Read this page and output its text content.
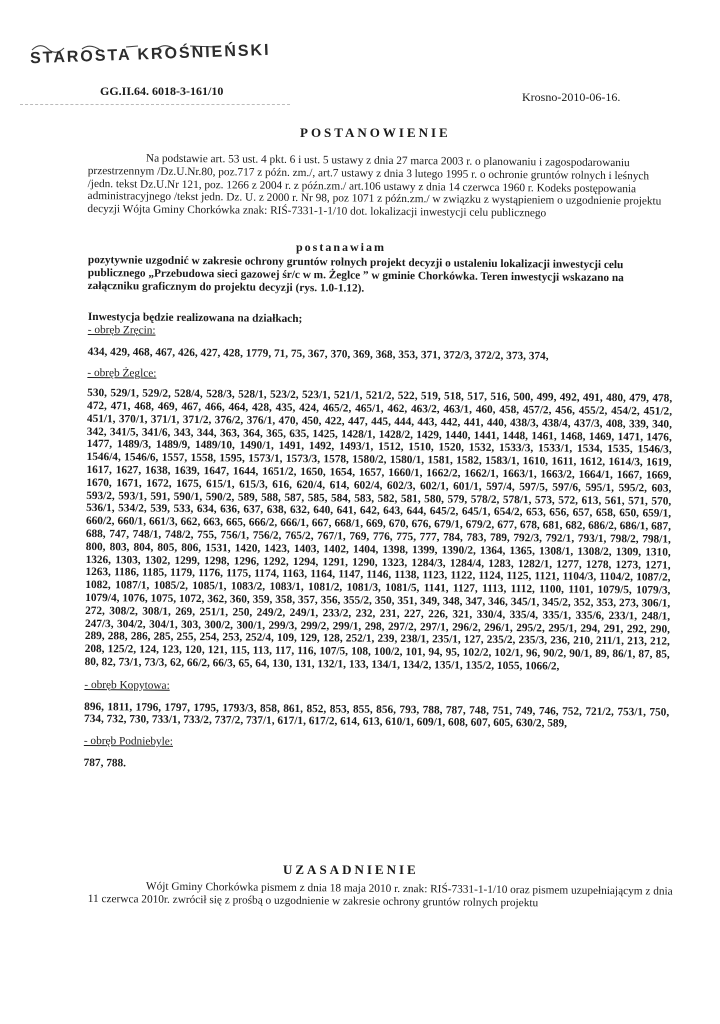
STAROSTA KROŚNIEŃSKI
GG.II.64. 6018-3-161/10	Krosno-2010-06-16.
POSTANOWIENIE
Na podstawie art. 53 ust. 4 pkt. 6 i ust. 5 ustawy z dnia 27 marca 2003 r. o planowaniu i zagospodarowaniu przestrzennym /Dz.U.Nr.80, poz.717 z późn. zm./, art.7 ustawy z dnia 3 lutego 1995 r. o ochronie gruntów rolnych i leśnych /jedn. tekst Dz.U.Nr 121, poz. 1266 z 2004 r. z późn.zm./ art.106 ustawy z dnia 14 czerwca 1960 r. Kodeks postępowania administracyjnego /tekst jedn. Dz. U. z 2000 r. Nr 98, poz 1071 z późn.zm./ w związku z wystąpieniem o uzgodnienie projektu decyzji Wójta Gminy Chorkówka znak: RIŚ-7331-1-1/10 dot. lokalizacji inwestycji celu publicznego
postanawiam
pozytywnie uzgodnić w zakresie ochrony gruntów rolnych projekt decyzji o ustaleniu lokalizacji inwestycji celu publicznego „Przebudowa sieci gazowej śr/c w m. Żeglce ” w gminie Chorkówka. Teren inwestycji wskazano na załączniku graficznym do projektu decyzji (rys. 1.0-1.12).
Inwestycja będzie realizowana na działkach;
- obręb Zręcin:
434, 429, 468, 467, 426, 427, 428, 1779, 71, 75, 367, 370, 369, 368, 353, 371, 372/3, 372/2, 373, 374,
- obręb Żeglce:
530, 529/1, 529/2, 528/4, 528/3, 528/1, 523/2, 523/1, 521/1, 521/2, 522, 519, 518, 517, 516, 500, 499, 492, 491, 480, 479, 478, 472, 471, 468, 469, 467, 466, 464, 428, 435, 424, 465/2, 465/1, 462, 463/2, 463/1, 460, 458, 457/2, 456, 455/2, 454/2, 451/2, 451/1, 370/1, 371/1, 371/2, 376/2, 376/1, 470, 450, 422, 447, 445, 444, 443, 442, 441, 440, 438/3, 438/4, 437/3, 408, 339, 340, 342, 341/5, 341/6, 343, 344, 363, 364, 365, 635, 1425, 1428/1, 1428/2, 1429, 1440, 1441, 1448, 1461, 1468, 1469, 1471, 1476, 1477, 1489/3, 1489/9, 1489/10, 1490/1, 1491, 1492, 1493/1, 1512, 1510, 1520, 1532, 1533/3, 1533/1, 1534, 1535, 1546/3, 1546/4, 1546/6, 1557, 1558, 1595, 1573/1, 1573/3, 1578, 1580/2, 1580/1, 1581, 1582, 1583/1, 1610, 1611, 1612, 1614/3, 1619, 1617, 1627, 1638, 1639, 1647, 1644, 1651/2, 1650, 1654, 1657, 1660/1, 1662/2, 1662/1, 1663/1, 1663/2, 1664/1, 1667, 1669, 1670, 1671, 1672, 1675, 615/1, 615/3, 616, 620/4, 614, 602/4, 602/3, 602/1, 601/1, 597/4, 597/5, 597/6, 595/1, 595/2, 603, 593/2, 593/1, 591, 590/1, 590/2, 589, 588, 587, 585, 584, 583, 582, 581, 580, 579, 578/2, 578/1, 573, 572, 613, 561, 571, 570, 536/1, 534/2, 539, 533, 634, 636, 637, 638, 632, 640, 641, 642, 643, 644, 645/2, 645/1, 654/2, 653, 656, 657, 658, 650, 659/1, 660/2, 660/1, 661/3, 662, 663, 665, 666/2, 666/1, 667, 668/1, 669, 670, 676, 679/1, 679/2, 677, 678, 681, 682, 686/2, 686/1, 687, 688, 747, 748/1, 748/2, 755, 756/1, 756/2, 765/2, 767/1, 769, 776, 775, 777, 784, 783, 789, 792/3, 792/1, 793/1, 798/2, 798/1, 800, 803, 804, 805, 806, 1531, 1420, 1423, 1403, 1402, 1404, 1398, 1399, 1390/2, 1364, 1365, 1308/1, 1308/2, 1309, 1310, 1326, 1303, 1302, 1299, 1298, 1296, 1292, 1294, 1291, 1290, 1323, 1284/3, 1284/4, 1283, 1282/1, 1277, 1278, 1273, 1271, 1263, 1186, 1185, 1179, 1176, 1175, 1174, 1163, 1164, 1147, 1146, 1138, 1123, 1122, 1124, 1125, 1121, 1104/3, 1104/2, 1087/2, 1082, 1087/1, 1085/2, 1085/1, 1083/2, 1083/1, 1081/2, 1081/3, 1081/5, 1141, 1127, 1113, 1112, 1100, 1101, 1079/5, 1079/3, 1079/4, 1076, 1075, 1072, 362, 360, 359, 358, 357, 356, 355/2, 350, 351, 349, 348, 347, 346, 345/1, 345/2, 352, 353, 273, 306/1, 272, 308/2, 308/1, 269, 251/1, 250, 249/2, 249/1, 233/2, 232, 231, 227, 226, 321, 330/4, 335/4, 335/1, 335/6, 233/1, 248/1, 247/3, 304/2, 304/1, 303, 300/2, 300/1, 299/3, 299/2, 299/1, 298, 297/2, 297/1, 296/2, 296/1, 295/2, 295/1, 294, 291, 292, 290, 289, 288, 286, 285, 255, 254, 253, 252/4, 109, 129, 128, 252/1, 239, 238/1, 235/1, 127, 235/2, 235/3, 236, 210, 211/1, 213, 212, 208, 125/2, 124, 123, 120, 121, 115, 113, 117, 116, 107/5, 108, 100/2, 101, 94, 95, 102/2, 102/1, 96, 90/2, 90/1, 89, 86/1, 87, 85, 80, 82, 73/1, 73/3, 62, 66/2, 66/3, 65, 64, 130, 131, 132/1, 133, 134/1, 134/2, 135/1, 135/2, 1055, 1066/2,
- obręb Kopytowa:
896, 1811, 1796, 1797, 1795, 1793/3, 858, 861, 852, 853, 855, 856, 793, 788, 787, 748, 751, 749, 746, 752, 721/2, 753/1, 750, 734, 732, 730, 733/1, 733/2, 737/2, 737/1, 617/1, 617/2, 614, 613, 610/1, 609/1, 608, 607, 605, 630/2, 589,
- obręb Podniebyle:
787, 788.
UZASADNIENIE
Wójt Gminy Chorkówka pismem z dnia 18 maja 2010 r. znak: RIŚ-7331-1-1/10 oraz pismem uzupełniającym z dnia 11 czerwca 2010r. zwrócił się z prośbą o uzgodnienie w zakresie ochrony gruntów rolnych projektu
